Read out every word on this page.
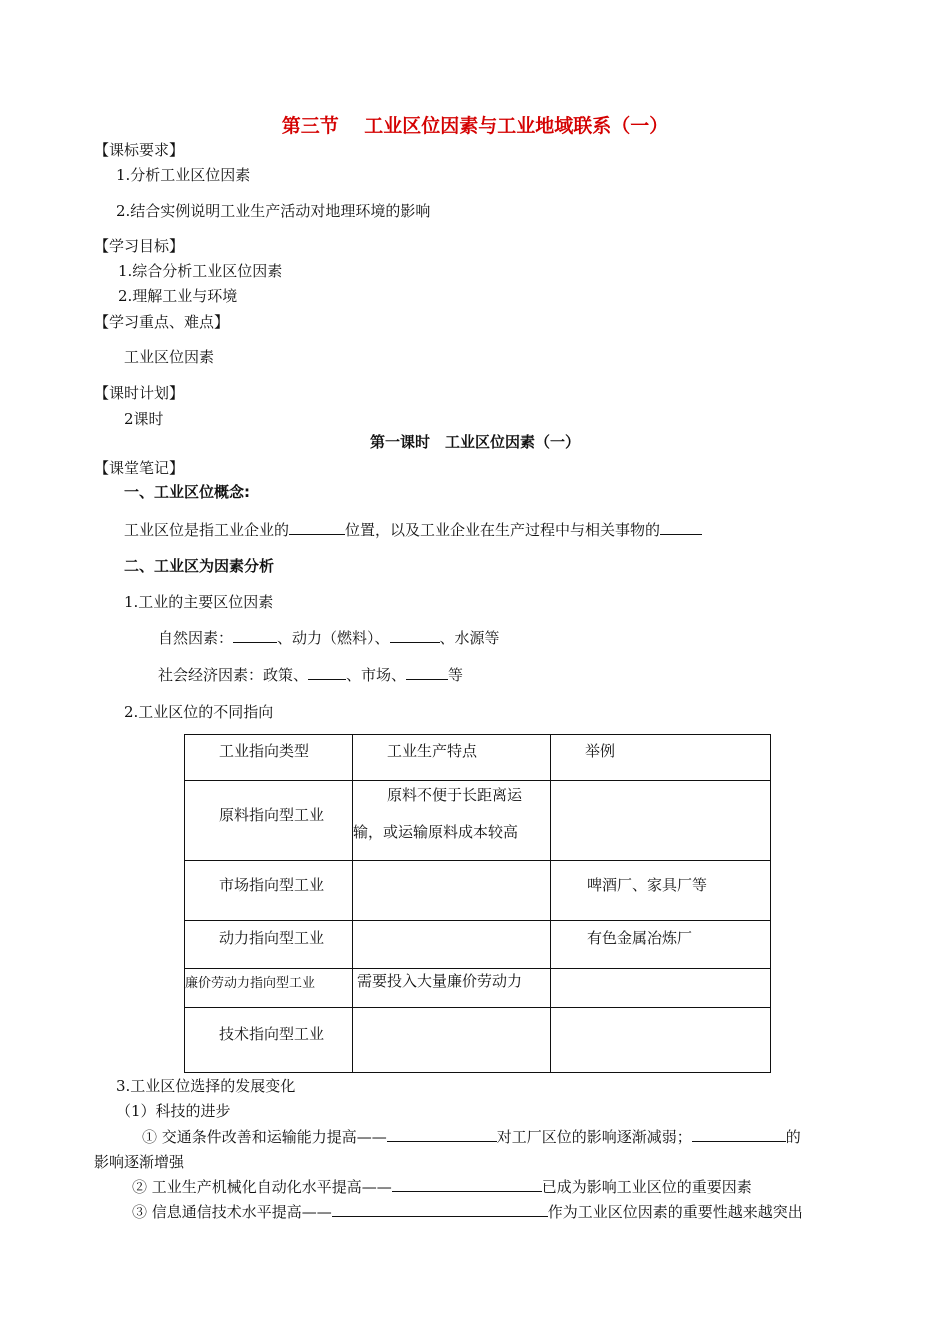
第三节　 工业区位因素与工业地域联系（一）
【课标要求】
1.分析工业区位因素
2.结合实例说明工业生产活动对地理环境的影响
【学习目标】
1.综合分析工业区位因素
2.理解工业与环境
【学习重点、难点】
工业区位因素
【课时计划】
2课时
第一课时　工业区位因素（一）
【课堂笔记】
一、工业区位概念:
工业区位是指工业企业的	位置，以及工业企业在生产过程中与相关事物的
二、工业区为因素分析
1.工业的主要区位因素
自然因素：	、动力（燃料）、	、水源等
社会经济因素：政策、	、市场、	等
2.工业区位的不同指向
工业指向类型	工业生产特点	举例

原料指向型工业	原料不便于长距离运
输，或运输原料成本较高	

市场指向型工业		啤酒厂、家具厂等

动力指向型工业		有色金属冶炼厂

廉价劳动力指向型工业	需要投入大量廉价劳动力	

技术指向型工业		

3.工业区位选择的发展变化
（1）科技的进步
① 交通条件改善和运输能力提高——	对工厂区位的影响逐渐减弱；	的
影响逐渐增强
② 工业生产机械化自动化水平提高——	已成为影响工业区位的重要因素
③ 信息通信技术水平提高——	作为工业区位因素的重要性越来越突出
